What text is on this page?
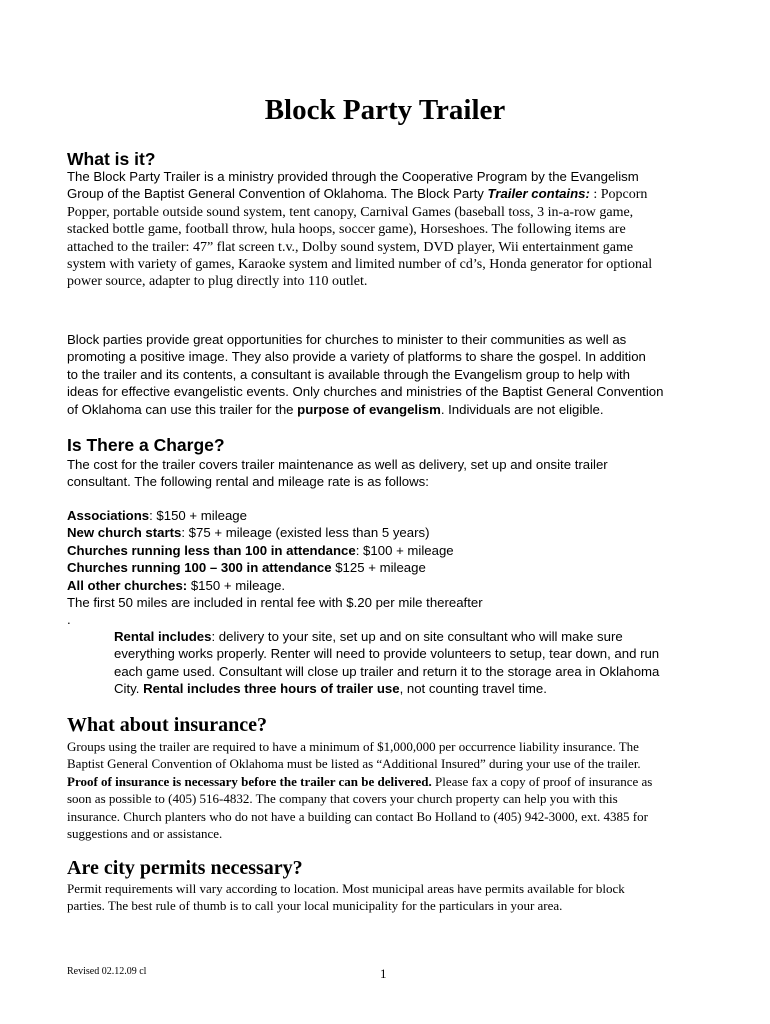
Block Party Trailer
What is it?
The Block Party Trailer is a ministry provided through the Cooperative Program by the Evangelism
Group of the Baptist General Convention of Oklahoma. The Block Party Trailer contains: : Popcorn
Popper, portable outside sound system, tent canopy, Carnival Games (baseball toss, 3 in-a-row game,
stacked bottle game, football throw, hula hoops, soccer game), Horseshoes. The following items are
attached to the trailer: 47” flat screen t.v., Dolby sound system, DVD player, Wii entertainment game
system with variety of games, Karaoke system and limited number of cd’s, Honda generator for optional
power source, adapter to plug directly into 110 outlet.
Block parties provide great opportunities for churches to minister to their communities as well as
promoting a positive image. They also provide a variety of platforms to share the gospel. In addition
to the trailer and its contents, a consultant is available through the Evangelism group to help with
ideas for effective evangelistic events. Only churches and ministries of the Baptist General Convention
of Oklahoma can use this trailer for the purpose of evangelism. Individuals are not eligible.
Is There a Charge?
The cost for the trailer covers trailer maintenance as well as delivery, set up and onsite trailer
consultant. The following rental and mileage rate is as follows:
Associations: $150 + mileage
New church starts: $75 + mileage (existed less than 5 years)
Churches running less than 100 in attendance: $100 + mileage
Churches running 100 – 300 in attendance $125 + mileage
All other churches: $150 + mileage.
The first 50 miles are included in rental fee with $.20 per mile thereafter
.
Rental includes: delivery to your site, set up and on site consultant who will make sure
everything works properly. Renter will need to provide volunteers to setup, tear down, and run
each game used. Consultant will close up trailer and return it to the storage area in Oklahoma
City. Rental includes three hours of trailer use, not counting travel time.
What about insurance?
Groups using the trailer are required to have a minimum of $1,000,000 per occurrence liability insurance. The
Baptist General Convention of Oklahoma must be listed as “Additional Insured” during your use of the trailer.
Proof of insurance is necessary before the trailer can be delivered. Please fax a copy of proof of insurance as
soon as possible to (405) 516-4832. The company that covers your church property can help you with this
insurance. Church planters who do not have a building can contact Bo Holland to (405) 942-3000, ext. 4385 for
suggestions and or assistance.
Are city permits necessary?
Permit requirements will vary according to location. Most municipal areas have permits available for block
parties. The best rule of thumb is to call your local municipality for the particulars in your area.
Revised 02.12.09 cl	1
